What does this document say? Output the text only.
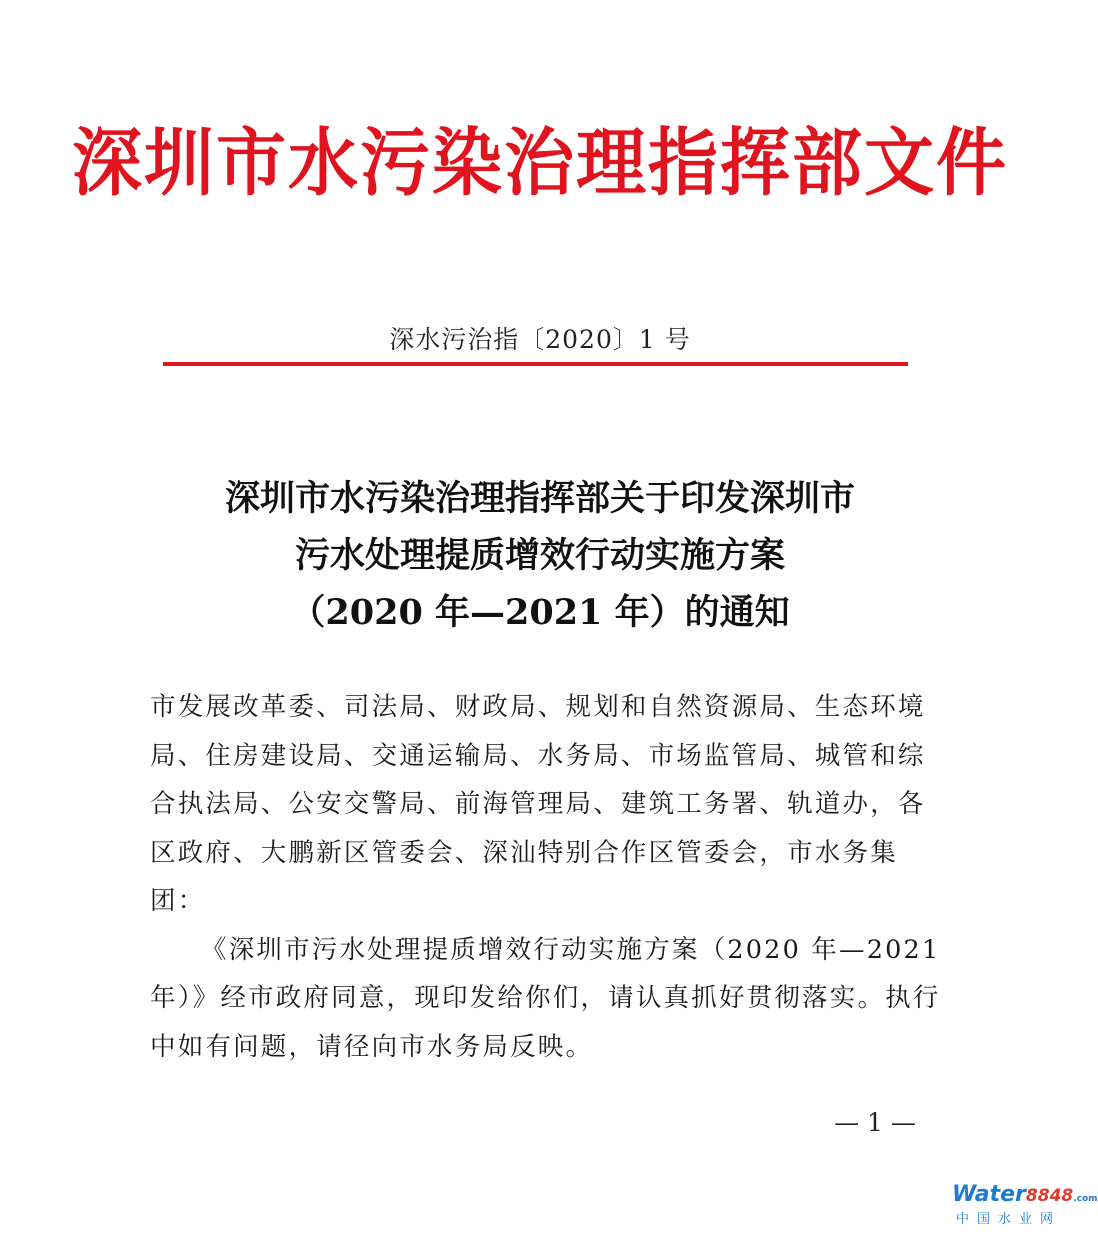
深圳市水污染治理指挥部文件
深水污治指〔2020〕1 号
深圳市水污染治理指挥部关于印发深圳市
污水处理提质增效行动实施方案
（2020 年—2021 年）的通知

市发展改革委、司法局、财政局、规划和自然资源局、生态环境局、住房建设局、交通运输局、水务局、市场监管局、城管和综合执法局、公安交警局、前海管理局、建筑工务署、轨道办，各区政府、大鹏新区管委会、深汕特别合作区管委会，市水务集团：

《深圳市污水处理提质增效行动实施方案（2020 年—2021 年）》经市政府同意，现印发给你们，请认真抓好贯彻落实。执行中如有问题，请径向市水务局反映。

— 1 —
Water8848.com
中国水业网
